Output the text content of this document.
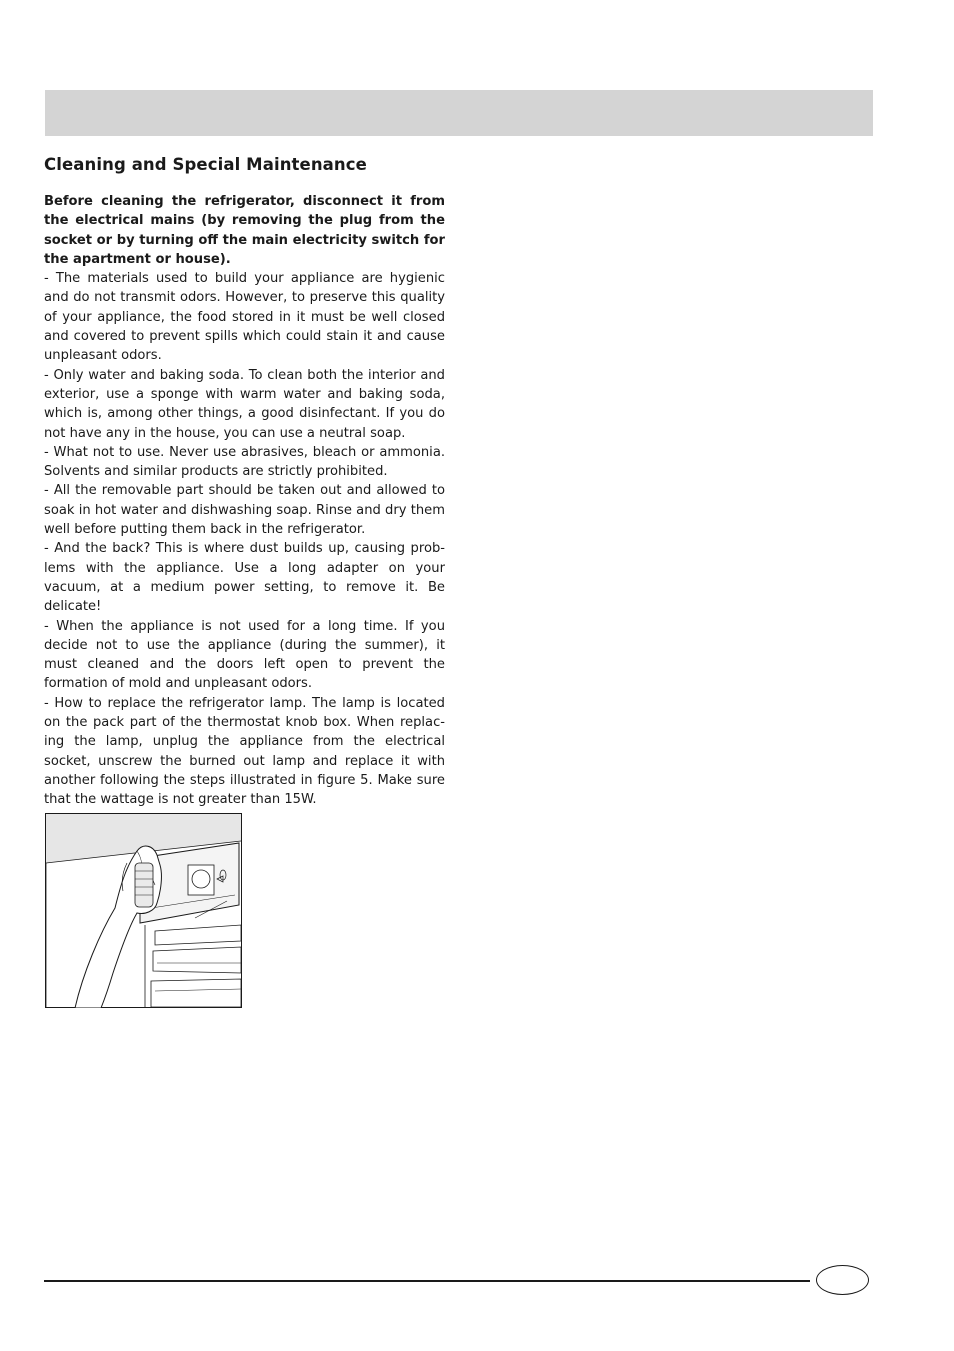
Cleaning and Special Maintenance

Before cleaning the refrigerator, disconnect it from the electrical mains (by removing the plug from the socket or by turning off the main electricity switch for the apartment or house).

- The materials used to build your appliance are hygienic and do not transmit odors. However, to preserve this quality of your appliance, the food stored in it must be well closed and covered to prevent spills which could stain it and cause unpleasant odors.

- Only water and baking soda. To clean both the interior and exterior, use a sponge with warm water and baking soda, which is, among other things, a good disinfectant. If you do not have any in the house, you can use a neutral soap.

- What not to use. Never use abrasives, bleach or ammonia. Solvents and similar products are strictly prohibited.

- All the removable part should be taken out and allowed to soak in hot water and dishwashing soap. Rinse and dry them well before putting them back in the refrigerator.

- And the back? This is where dust builds up, causing prob-lems with the appliance. Use a long adapter on your vacuum, at a medium power setting, to remove it. Be delicate!

- When the appliance is not used for a long time. If you decide not to use the appliance (during the summer), it must cleaned and the doors left open to prevent the formation of mold and unpleasant odors.

- How to replace the refrigerator lamp. The lamp is located on the pack part of the thermostat knob box. When replac-ing the lamp, unplug the appliance from the electrical socket, unscrew the burned out lamp and replace it with another following the steps illustrated in figure 5. Make sure that the wattage is not greater than 15W.
